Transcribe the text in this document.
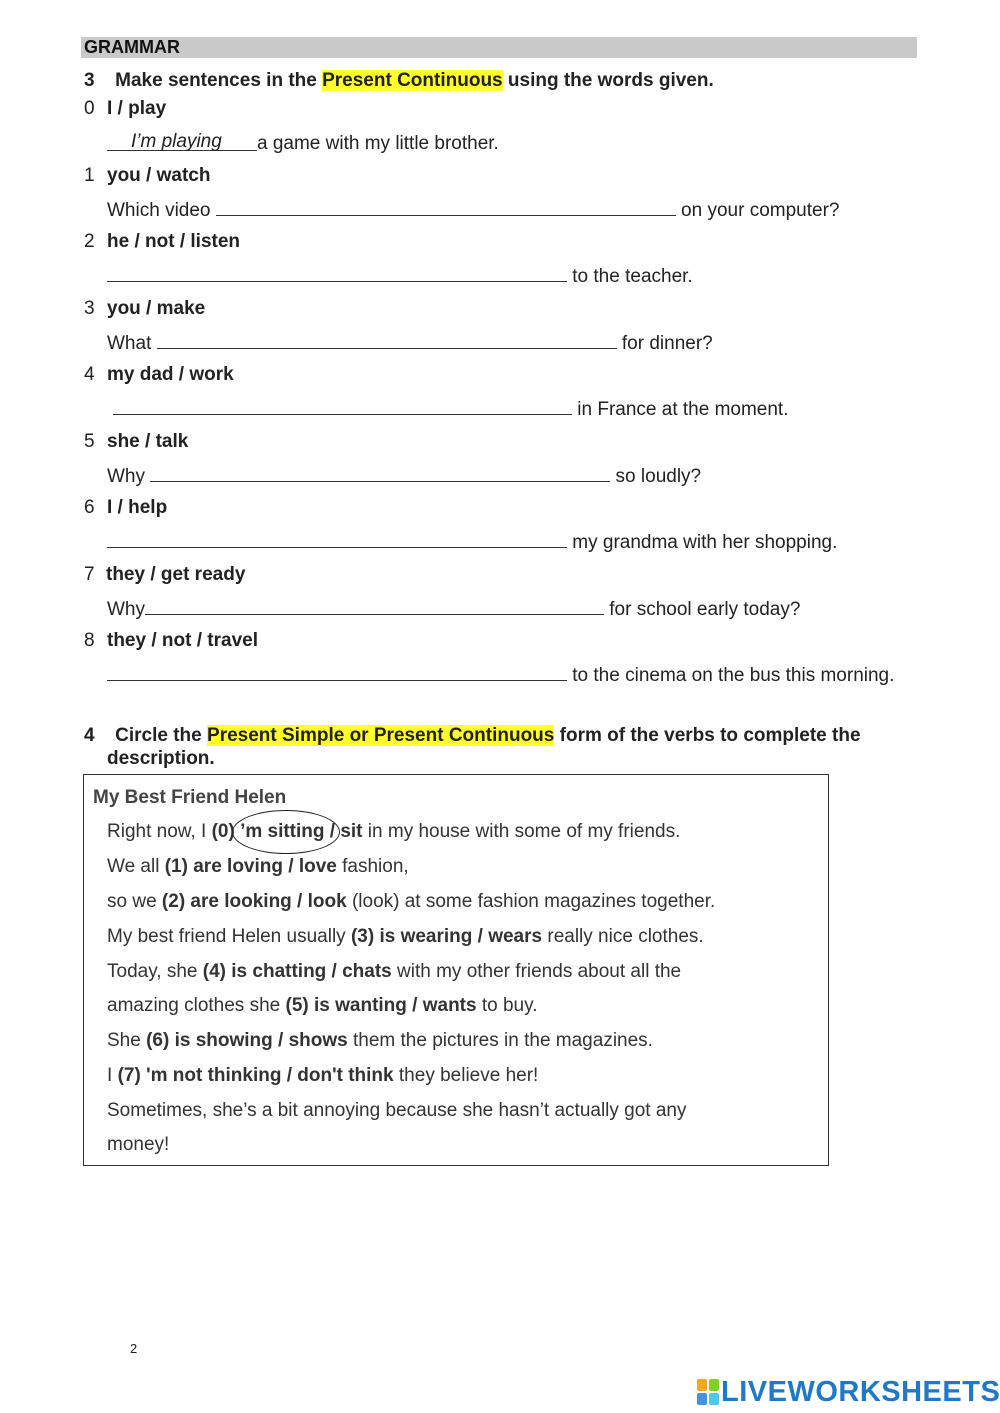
GRAMMAR
3 Make sentences in the Present Continuous using the words given.
0 I / play
I’m playing a game with my little brother.
1 you / watch
Which video	on your computer?
2 he / not / listen
to the teacher.
3 you / make
What	for dinner?
4 my dad / work
in France at the moment.
5 she / talk
Why	so loudly?
6 I / help
my grandma with her shopping.
7 they / get ready
Why	for school early today?
8 they / not / travel
to the cinema on the bus this morning.
4 Circle the Present Simple or Present Continuous form of the verbs to complete the
description.
My Best Friend Helen
Right now, I (0) ’m sitting / sit in my house with some of my friends.
We all (1) are loving / love fashion,
so we (2) are looking / look (look) at some fashion magazines together.
My best friend Helen usually (3) is wearing / wears really nice clothes.
Today, she (4) is chatting / chats with my other friends about all the
amazing clothes she (5) is wanting / wants to buy.
She (6) is showing / shows them the pictures in the magazines.
I (7) 'm not thinking / don't think they believe her!
Sometimes, she’s a bit annoying because she hasn’t actually got any
money!
2
LIVEWORKSHEETS
